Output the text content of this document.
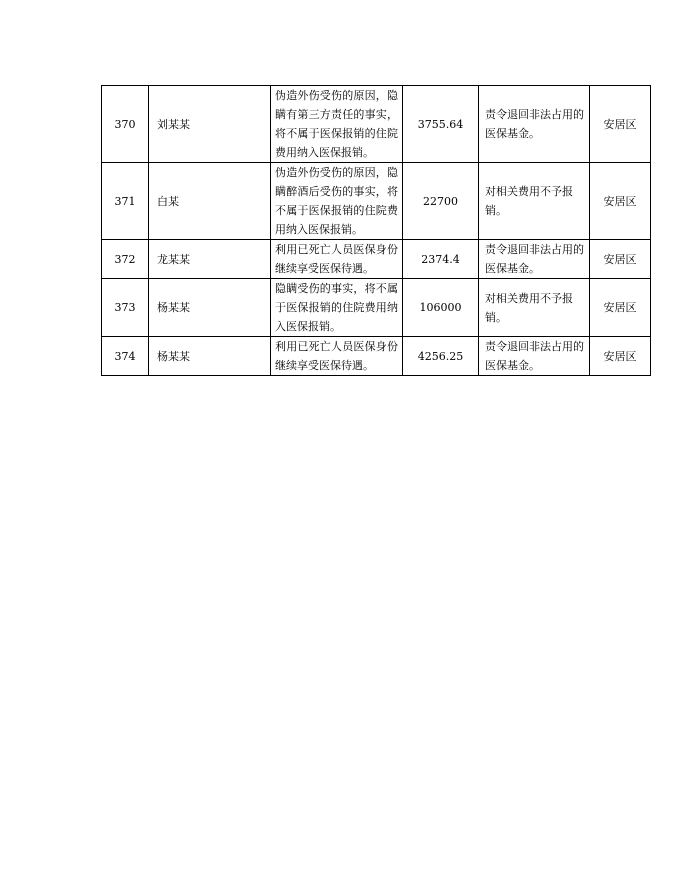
370	刘某某	伪造外伤受伤的原因，隐瞒有第三方责任的事实，将不属于医保报销的住院费用纳入医保报销。	3755.64	责令退回非法占用的医保基金。	安居区
371	白某	伪造外伤受伤的原因，隐瞒醉酒后受伤的事实，将不属于医保报销的住院费用纳入医保报销。	22700	对相关费用不予报销。	安居区
372	龙某某	利用已死亡人员医保身份继续享受医保待遇。	2374.4	责令退回非法占用的医保基金。	安居区
373	杨某某	隐瞒受伤的事实，将不属于医保报销的住院费用纳入医保报销。	106000	对相关费用不予报销。	安居区
374	杨某某	利用已死亡人员医保身份继续享受医保待遇。	4256.25	责令退回非法占用的医保基金。	安居区
